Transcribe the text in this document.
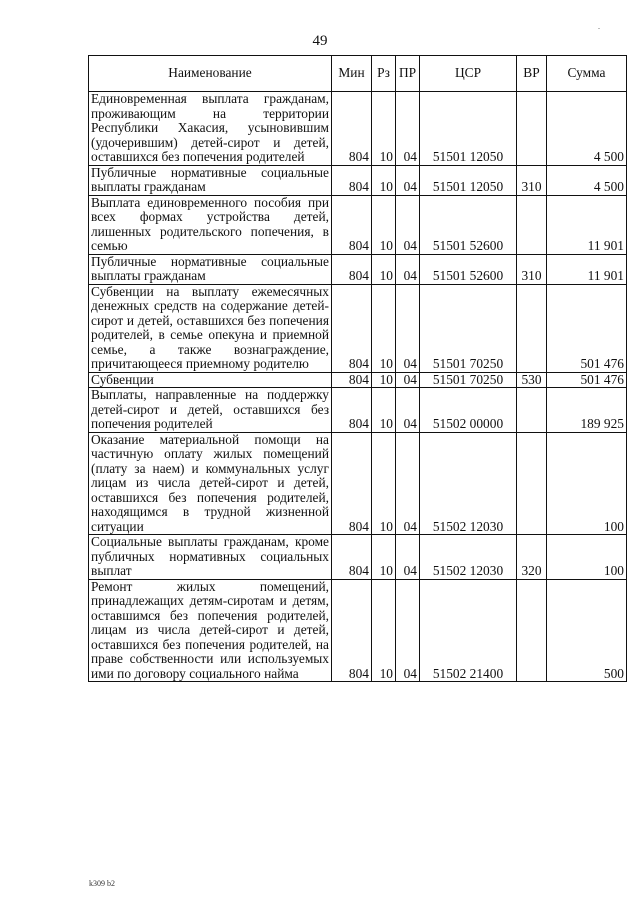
49
.
Наименование	Мин	Рз	ПР	ЦСР	ВР	Сумма
Единовременная выплата гражданам, проживающим на территории Республики Хакасия, усыновившим (удочерившим) детей-сирот и детей, оставшихся без попечения родителей	804	10	04	51501 12050		4 500
Публичные нормативные социальные выплаты гражданам	804	10	04	51501 12050	310	4 500
Выплата единовременного пособия при всех формах устройства детей, лишенных родительского попечения, в семью	804	10	04	51501 52600		11 901
Публичные нормативные социальные выплаты гражданам	804	10	04	51501 52600	310	11 901
Субвенции на выплату ежемесячных денежных средств на содержание детей-сирот и детей, оставшихся без попечения родителей, в семье опекуна и приемной семье, а также вознаграждение, причитающееся приемному родителю	804	10	04	51501 70250		501 476
Субвенции	804	10	04	51501 70250	530	501 476
Выплаты, направленные на поддержку детей-сирот и детей, оставшихся без попечения родителей	804	10	04	51502 00000		189 925
Оказание материальной помощи на частичную оплату жилых помещений (плату за наем) и коммунальных услуг лицам из числа детей-сирот и детей, оставшихся без попечения родителей, находящимся в трудной жизненной ситуации	804	10	04	51502 12030		100
Социальные выплаты гражданам, кроме публичных нормативных социальных выплат	804	10	04	51502 12030	320	100
Ремонт жилых помещений, принадлежащих детям-сиротам и детям, оставшимся без попечения родителей, лицам из числа детей-сирот и детей, оставшихся без попечения родителей, на праве собственности или используемых ими по договору социального найма	804	10	04	51502 21400		500
k309 b2
